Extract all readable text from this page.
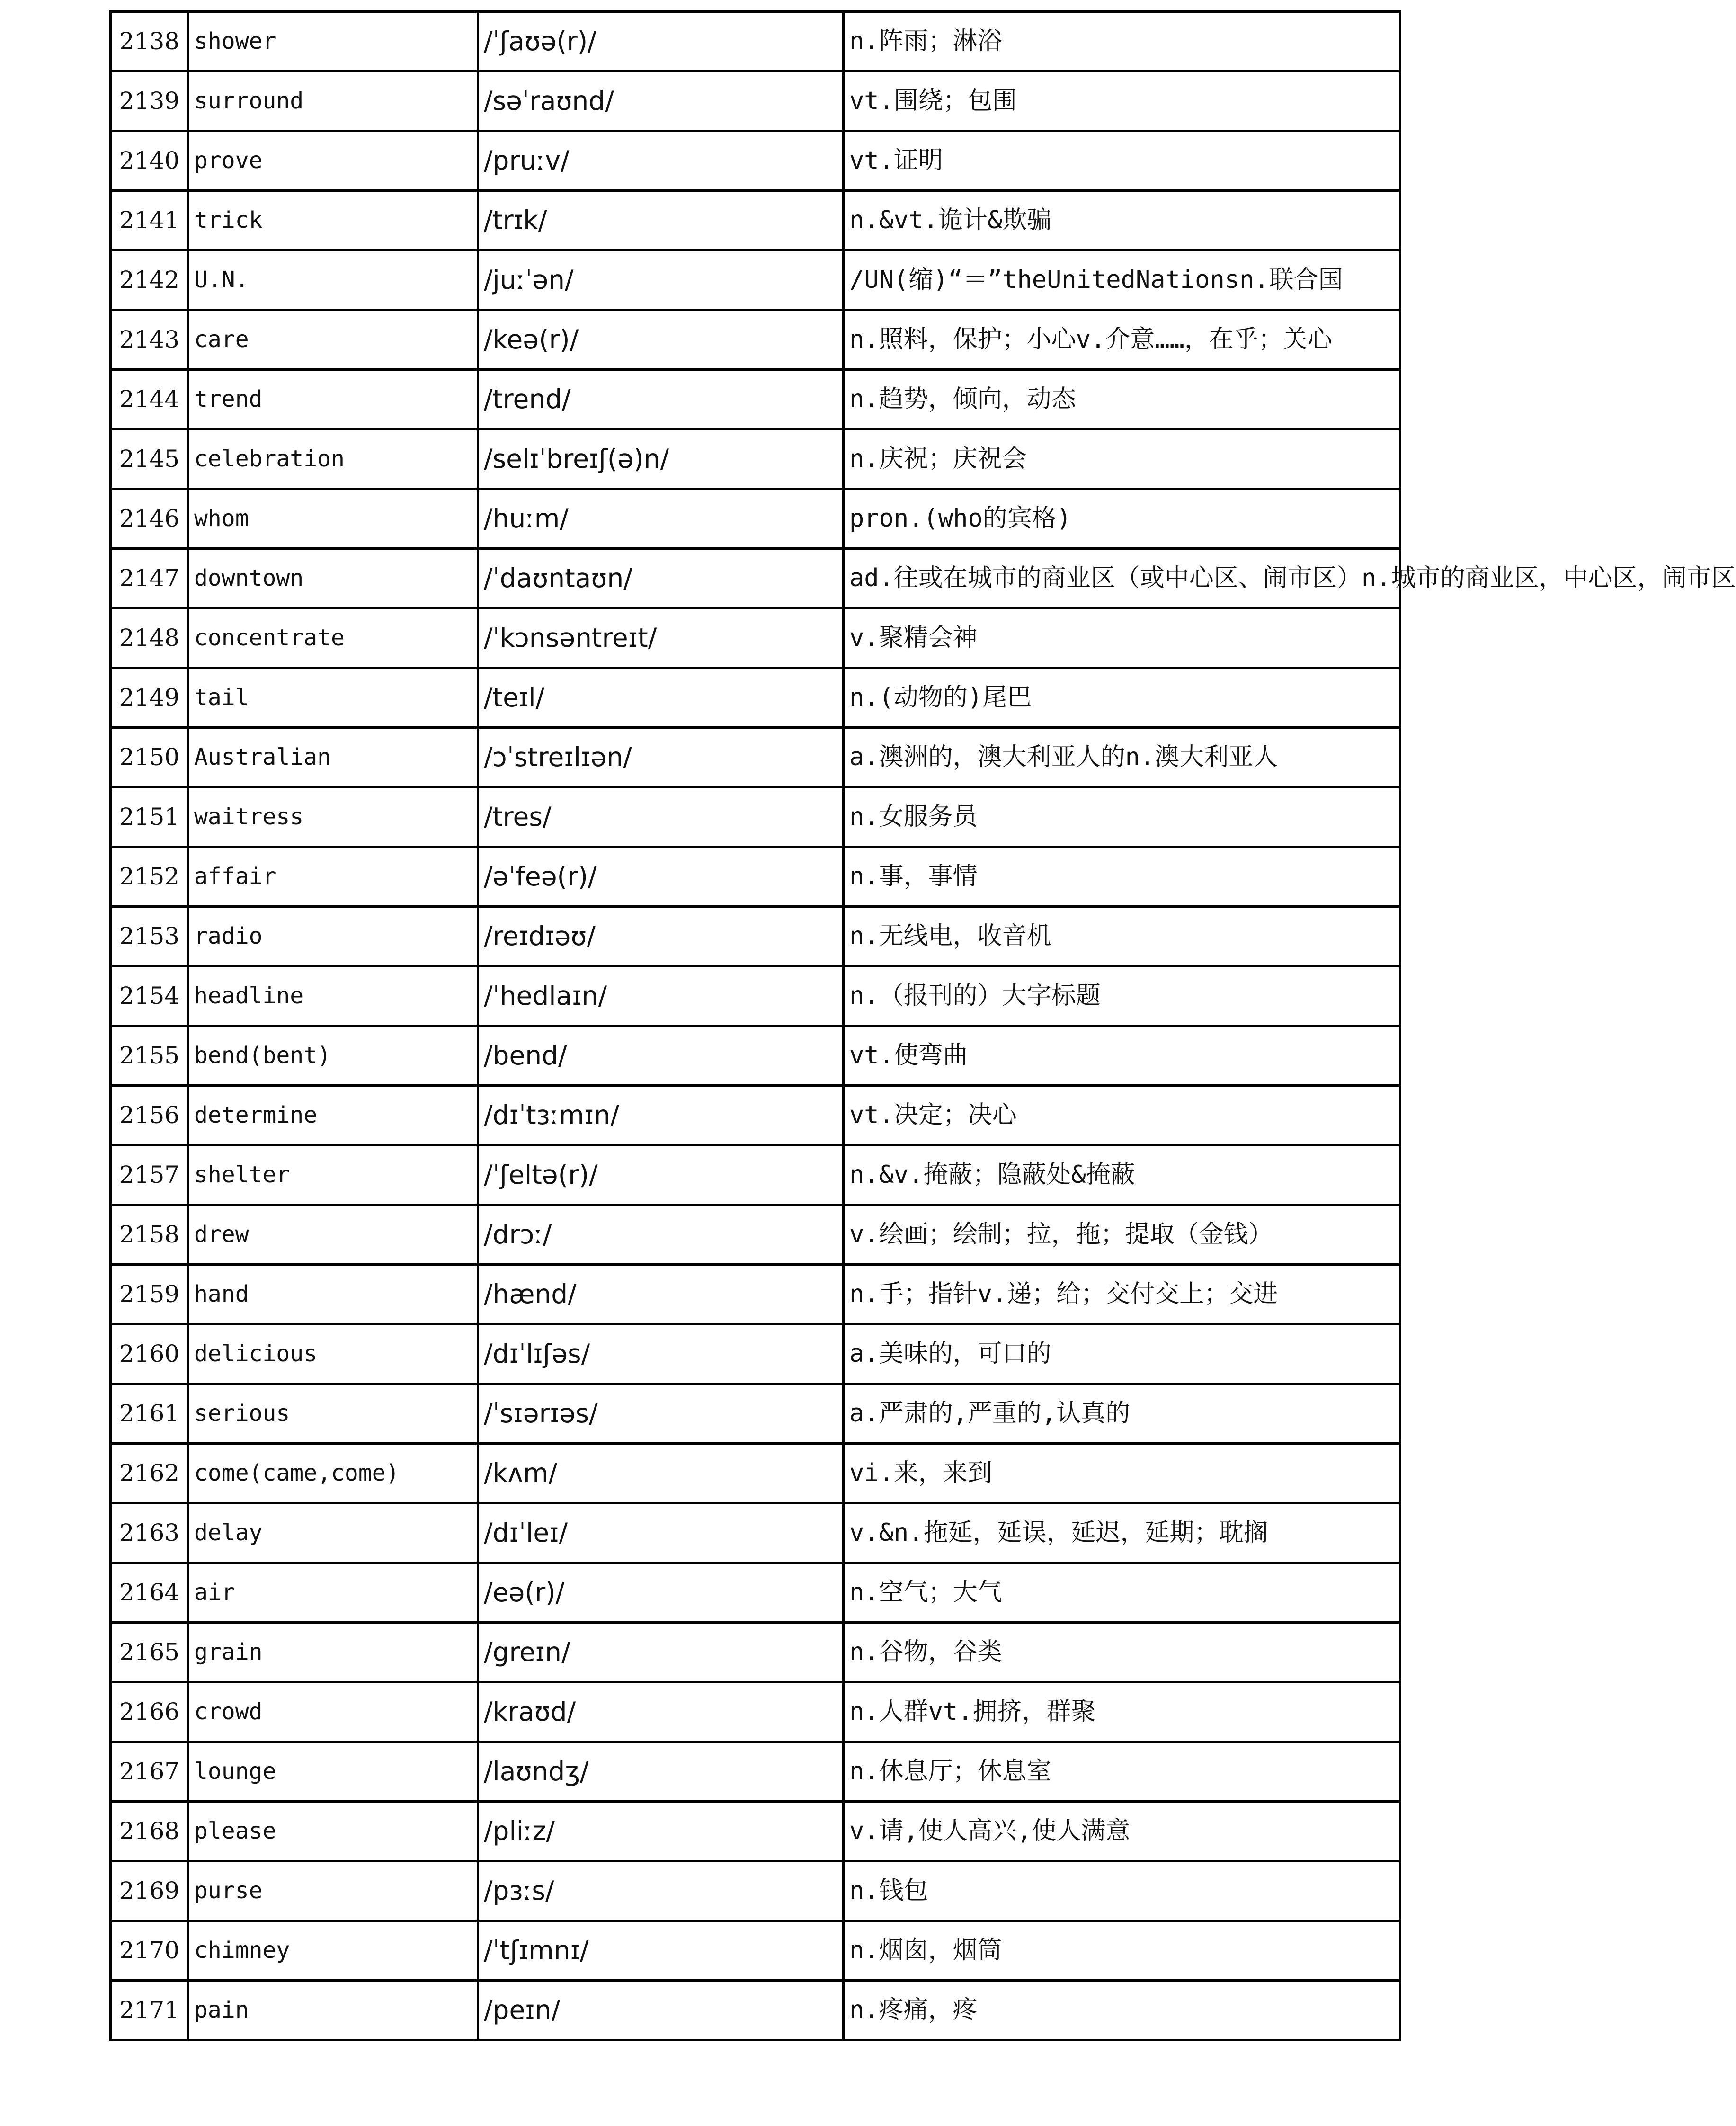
2138	shower	/ˈʃaʊə(r)/	n.阵雨；淋浴
2139	surround	/səˈraʊnd/	vt.围绕；包围
2140	prove	/pruːv/	vt.证明
2141	trick	/trɪk/	n.&vt.诡计&欺骗
2142	U.N.	/juːˈən/	/UN(缩)“＝”theUnitedNationsn.联合国
2143	care	/keə(r)/	n.照料，保护；小心v.介意……，在乎；关心
2144	trend	/trend/	n.趋势，倾向，动态
2145	celebration	/selɪˈbreɪʃ(ə)n/	n.庆祝；庆祝会
2146	whom	/huːm/	pron.(who的宾格)
2147	downtown	/ˈdaʊntaʊn/	ad.往或在城市的商业区（或中心区、闹市区）n.城市的商业区，中心区，闹市区
2148	concentrate	/ˈkɔnsəntreɪt/	v.聚精会神
2149	tail	/teɪl/	n.(动物的)尾巴
2150	Australian	/ɔˈstreɪlɪən/	a.澳洲的，澳大利亚人的n.澳大利亚人
2151	waitress	/tres/	n.女服务员
2152	affair	/əˈfeə(r)/	n.事，事情
2153	radio	/reɪdɪəʊ/	n.无线电，收音机
2154	headline	/ˈhedlaɪn/	n.（报刊的）大字标题
2155	bend(bent)	/bend/	vt.使弯曲
2156	determine	/dɪˈtɜːmɪn/	vt.决定；决心
2157	shelter	/ˈʃeltə(r)/	n.&v.掩蔽；隐蔽处&掩蔽
2158	drew	/drɔː/	v.绘画；绘制；拉，拖；提取（金钱）
2159	hand	/hænd/	n.手；指针v.递；给；交付交上；交进
2160	delicious	/dɪˈlɪʃəs/	a.美味的，可口的
2161	serious	/ˈsɪərɪəs/	a.严肃的,严重的,认真的
2162	come(came,come)	/kʌm/	vi.来，来到
2163	delay	/dɪˈleɪ/	v.&n.拖延，延误，延迟，延期；耽搁
2164	air	/eə(r)/	n.空气；大气
2165	grain	/greɪn/	n.谷物，谷类
2166	crowd	/kraʊd/	n.人群vt.拥挤，群聚
2167	lounge	/laʊndʒ/	n.休息厅；休息室
2168	please	/pliːz/	v.请,使人高兴,使人满意
2169	purse	/pɜːs/	n.钱包
2170	chimney	/ˈtʃɪmnɪ/	n.烟囱，烟筒
2171	pain	/peɪn/	n.疼痛，疼
